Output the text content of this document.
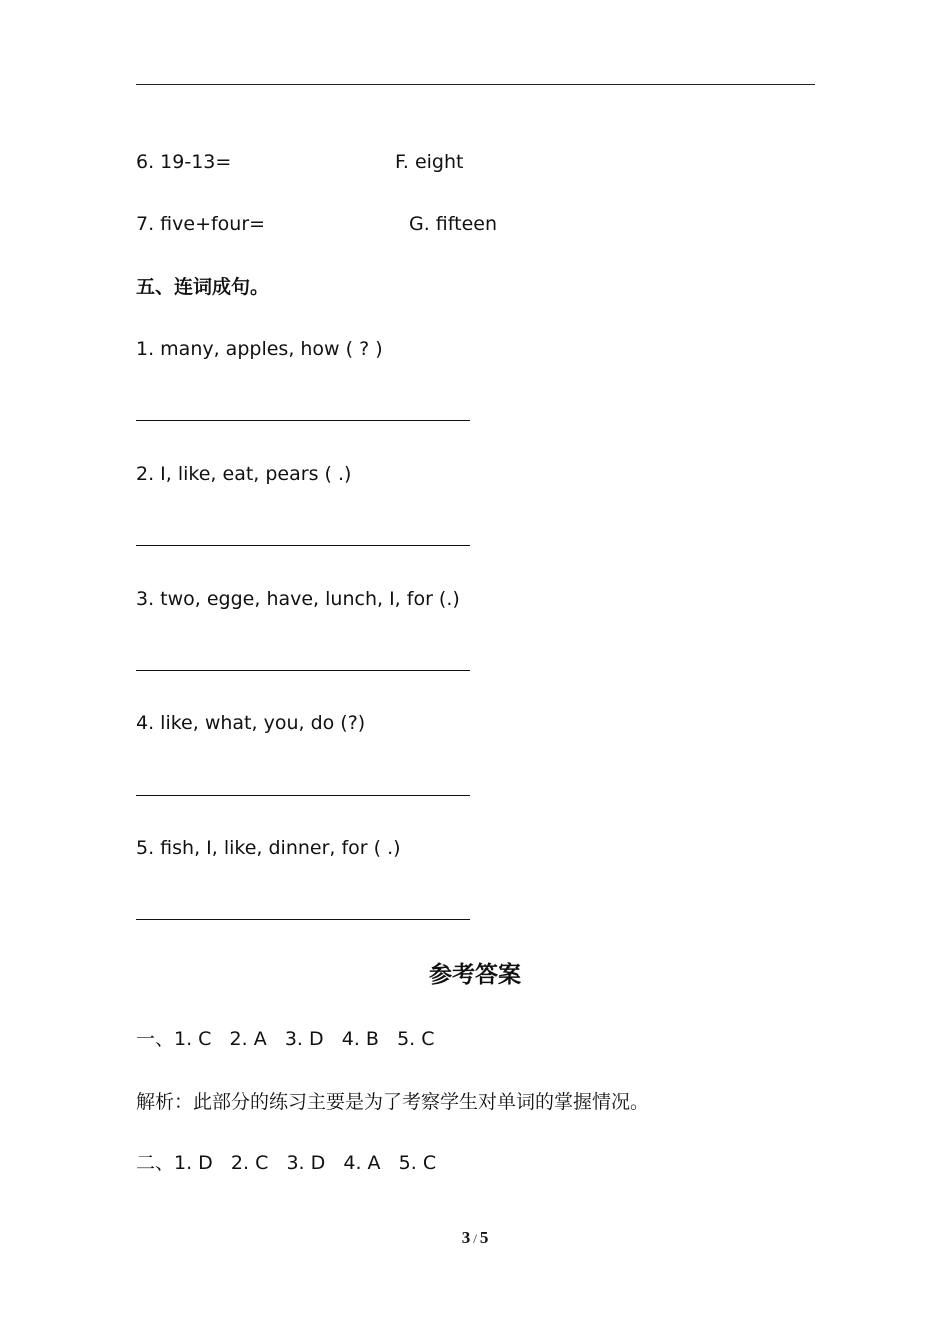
6. 19-13=	F. eight
7. five+four=	G. fifteen
五、连词成句。
1. many, apples, how ( ? )
2. I, like, eat, pears ( .)
3. two, egge, have, lunch, I, for (.)
4. like, what, you, do (?)
5. fish, I, like, dinner, for ( .)
参考答案
一、1. C   2. A   3. D   4. B   5. C
解析：此部分的练习主要是为了考察学生对单词的掌握情况。
二、1. D   2. C   3. D   4. A   5. C
3 / 5
